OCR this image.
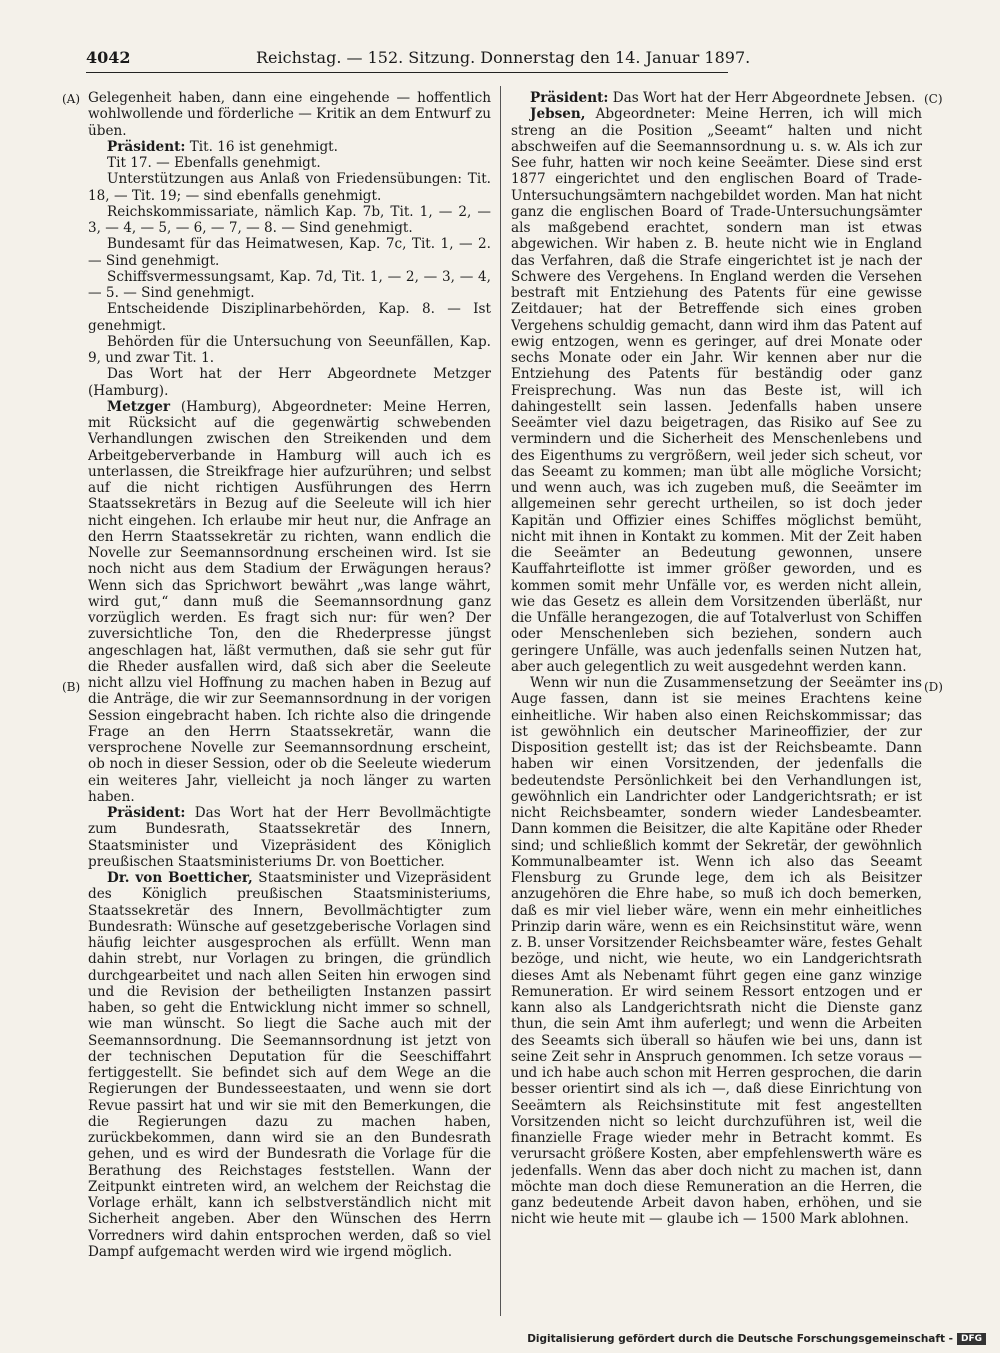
4042	Reichstag. — 152. Sitzung. Donnerstag den 14. Januar 1897.
(A)
(B)
(C)
(D)

Gelegenheit haben, dann eine eingehende — hoffentlich wohlwollende und förderliche — Kritik an dem Entwurf zu üben.

Präsident: Tit. 16 ist genehmigt.

Tit 17. — Ebenfalls genehmigt.

Unterstützungen aus Anlaß von Friedensübungen: Tit. 18, — Tit. 19; — sind ebenfalls genehmigt.

Reichskommissariate, nämlich Kap. 7b, Tit. 1, — 2, — 3, — 4, — 5, — 6, — 7, — 8. — Sind genehmigt.

Bundesamt für das Heimatwesen, Kap. 7c, Tit. 1, — 2. — Sind genehmigt.

Schiffsvermessungsamt, Kap. 7d, Tit. 1, — 2, — 3, — 4, — 5. — Sind genehmigt.

Entscheidende Disziplinarbehörden, Kap. 8. — Ist genehmigt.

Behörden für die Untersuchung von Seeunfällen, Kap. 9, und zwar Tit. 1.

Das Wort hat der Herr Abgeordnete Metzger (Hamburg).

Metzger (Hamburg), Abgeordneter: Meine Herren, mit Rücksicht auf die gegenwärtig schwebenden Verhandlungen zwischen den Streikenden und dem Arbeitgeberverbande in Hamburg will auch ich es unterlassen, die Streikfrage hier aufzurühren; und selbst auf die nicht richtigen Ausführungen des Herrn Staatssekretärs in Bezug auf die Seeleute will ich hier nicht eingehen. Ich erlaube mir heut nur, die Anfrage an den Herrn Staatssekretär zu richten, wann endlich die Novelle zur Seemannsordnung erscheinen wird. Ist sie noch nicht aus dem Stadium der Erwägungen heraus? Wenn sich das Sprichwort bewährt „was lange währt, wird gut,“ dann muß die Seemannsordnung ganz vorzüglich werden. Es fragt sich nur: für wen? Der zuversichtliche Ton, den die Rhederpresse jüngst angeschlagen hat, läßt vermuthen, daß sie sehr gut für die Rheder ausfallen wird, daß sich aber die Seeleute nicht allzu viel Hoffnung zu machen haben in Bezug auf die Anträge, die wir zur Seemannsordnung in der vorigen Session eingebracht haben. Ich richte also die dringende Frage an den Herrn Staatssekretär, wann die versprochene Novelle zur Seemannsordnung erscheint, ob noch in dieser Session, oder ob die Seeleute wiederum ein weiteres Jahr, vielleicht ja noch länger zu warten haben.

Präsident: Das Wort hat der Herr Bevollmächtigte zum Bundesrath, Staatssekretär des Innern, Staatsminister und Vizepräsident des Königlich preußischen Staatsministeriums Dr. von Boetticher.

Dr. von Boetticher, Staatsminister und Vizepräsident des Königlich preußischen Staatsministeriums, Staatssekretär des Innern, Bevollmächtigter zum Bundesrath: Wünsche auf gesetzgeberische Vorlagen sind häufig leichter ausgesprochen als erfüllt. Wenn man dahin strebt, nur Vorlagen zu bringen, die gründlich durchgearbeitet und nach allen Seiten hin erwogen sind und die Revision der betheiligten Instanzen passirt haben, so geht die Entwicklung nicht immer so schnell, wie man wünscht. So liegt die Sache auch mit der Seemannsordnung. Die Seemannsordnung ist jetzt von der technischen Deputation für die Seeschiffahrt fertiggestellt. Sie befindet sich auf dem Wege an die Regierungen der Bundesseestaaten, und wenn sie dort Revue passirt hat und wir sie mit den Bemerkungen, die die Regierungen dazu zu machen haben, zurückbekommen, dann wird sie an den Bundesrath gehen, und es wird der Bundesrath die Vorlage für die Berathung des Reichstages feststellen. Wann der Zeitpunkt eintreten wird, an welchem der Reichstag die Vorlage erhält, kann ich selbstverständlich nicht mit Sicherheit angeben. Aber den Wünschen des Herrn Vorredners wird dahin entsprochen werden, daß so viel Dampf aufgemacht werden wird wie irgend möglich.

Präsident: Das Wort hat der Herr Abgeordnete Jebsen.

Jebsen, Abgeordneter: Meine Herren, ich will mich streng an die Position „Seeamt“ halten und nicht abschweifen auf die Seemannsordnung u. s. w. Als ich zur See fuhr, hatten wir noch keine Seeämter. Diese sind erst 1877 eingerichtet und den englischen Board of Trade-Untersuchungsämtern nachgebildet worden. Man hat nicht ganz die englischen Board of Trade-Untersuchungsämter als maßgebend erachtet, sondern man ist etwas abgewichen. Wir haben z. B. heute nicht wie in England das Verfahren, daß die Strafe eingerichtet ist je nach der Schwere des Vergehens. In England werden die Versehen bestraft mit Entziehung des Patents für eine gewisse Zeitdauer; hat der Betreffende sich eines groben Vergehens schuldig gemacht, dann wird ihm das Patent auf ewig entzogen, wenn es geringer, auf drei Monate oder sechs Monate oder ein Jahr. Wir kennen aber nur die Entziehung des Patents für beständig oder ganz Freisprechung. Was nun das Beste ist, will ich dahingestellt sein lassen. Jedenfalls haben unsere Seeämter viel dazu beigetragen, das Risiko auf See zu vermindern und die Sicherheit des Menschenlebens und des Eigenthums zu vergrößern, weil jeder sich scheut, vor das Seeamt zu kommen; man übt alle mögliche Vorsicht; und wenn auch, was ich zugeben muß, die Seeämter im allgemeinen sehr gerecht urtheilen, so ist doch jeder Kapitän und Offizier eines Schiffes möglichst bemüht, nicht mit ihnen in Kontakt zu kommen. Mit der Zeit haben die Seeämter an Bedeutung gewonnen, unsere Kauffahrteiflotte ist immer größer geworden, und es kommen somit mehr Unfälle vor, es werden nicht allein, wie das Gesetz es allein dem Vorsitzenden überläßt, nur die Unfälle herangezogen, die auf Totalverlust von Schiffen oder Menschenleben sich beziehen, sondern auch geringere Unfälle, was auch jedenfalls seinen Nutzen hat, aber auch gelegentlich zu weit ausgedehnt werden kann.

Wenn wir nun die Zusammensetzung der Seeämter ins Auge fassen, dann ist sie meines Erachtens keine einheitliche. Wir haben also einen Reichskommissar; das ist gewöhnlich ein deutscher Marineoffizier, der zur Disposition gestellt ist; das ist der Reichsbeamte. Dann haben wir einen Vorsitzenden, der jedenfalls die bedeutendste Persönlichkeit bei den Verhandlungen ist, gewöhnlich ein Landrichter oder Landgerichtsrath; er ist nicht Reichsbeamter, sondern wieder Landesbeamter. Dann kommen die Beisitzer, die alte Kapitäne oder Rheder sind; und schließlich kommt der Sekretär, der gewöhnlich Kommunalbeamter ist. Wenn ich also das Seeamt Flensburg zu Grunde lege, dem ich als Beisitzer anzugehören die Ehre habe, so muß ich doch bemerken, daß es mir viel lieber wäre, wenn ein mehr einheitliches Prinzip darin wäre, wenn es ein Reichsinstitut wäre, wenn z. B. unser Vorsitzender Reichsbeamter wäre, festes Gehalt bezöge, und nicht, wie heute, wo ein Landgerichtsrath dieses Amt als Nebenamt führt gegen eine ganz winzige Remuneration. Er wird seinem Ressort entzogen und er kann also als Landgerichtsrath nicht die Dienste ganz thun, die sein Amt ihm auferlegt; und wenn die Arbeiten des Seeamts sich überall so häufen wie bei uns, dann ist seine Zeit sehr in Anspruch genommen. Ich setze voraus — und ich habe auch schon mit Herren gesprochen, die darin besser orientirt sind als ich —, daß diese Einrichtung von Seeämtern als Reichsinstitute mit fest angestellten Vorsitzenden nicht so leicht durchzuführen ist, weil die finanzielle Frage wieder mehr in Betracht kommt. Es verursacht größere Kosten, aber empfehlenswerth wäre es jedenfalls. Wenn das aber doch nicht zu machen ist, dann möchte man doch diese Remuneration an die Herren, die ganz bedeutende Arbeit davon haben, erhöhen, und sie nicht wie heute mit — glaube ich — 1500 Mark ablohnen.

Digitalisierung gefördert durch die Deutsche Forschungsgemeinschaft - DFG
